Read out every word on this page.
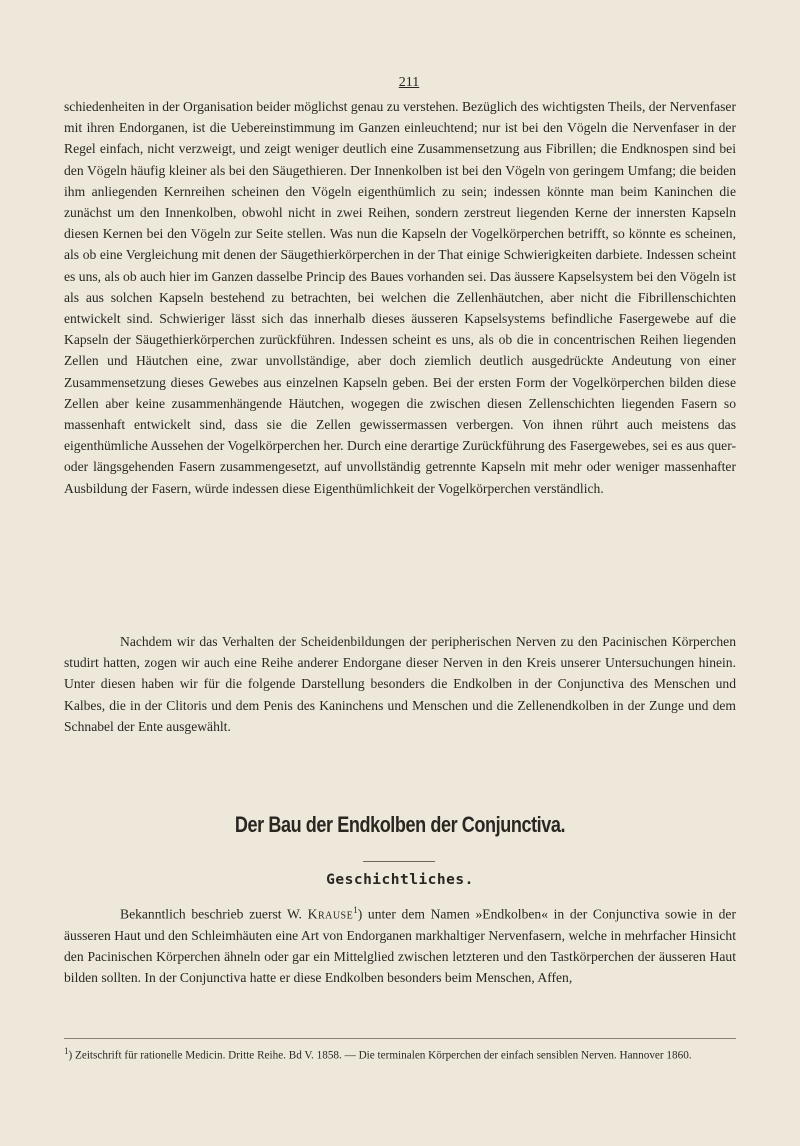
211

schiedenheiten in der Organisation beider möglichst genau zu verstehen. Bezüglich des wichtigsten Theils, der Nervenfaser mit ihren Endorganen, ist die Uebereinstimmung im Ganzen einleuchtend; nur ist bei den Vögeln die Nervenfaser in der Regel einfach, nicht verzweigt, und zeigt weniger deutlich eine Zusammensetzung aus Fibrillen; die Endknospen sind bei den Vögeln häufig kleiner als bei den Säugethieren. Der Innenkolben ist bei den Vögeln von geringem Umfang; die beiden ihm anliegenden Kernreihen scheinen den Vögeln eigenthümlich zu sein; indessen könnte man beim Kaninchen die zunächst um den Innenkolben, obwohl nicht in zwei Reihen, sondern zerstreut liegenden Kerne der innersten Kapseln diesen Kernen bei den Vögeln zur Seite stellen. Was nun die Kapseln der Vogelkörperchen betrifft, so könnte es scheinen, als ob eine Vergleichung mit denen der Säugethierkörperchen in der That einige Schwierigkeiten darbiete. Indessen scheint es uns, als ob auch hier im Ganzen dasselbe Princip des Baues vorhanden sei. Das äussere Kapselsystem bei den Vögeln ist als aus solchen Kapseln bestehend zu betrachten, bei welchen die Zellenhäutchen, aber nicht die Fibrillenschichten entwickelt sind. Schwieriger lässt sich das innerhalb dieses äusseren Kapselsystems befindliche Fasergewebe auf die Kapseln der Säugethierkörperchen zurückführen. Indessen scheint es uns, als ob die in concentrischen Reihen liegenden Zellen und Häutchen eine, zwar unvollständige, aber doch ziemlich deutlich ausgedrückte Andeutung von einer Zusammensetzung dieses Gewebes aus einzelnen Kapseln geben. Bei der ersten Form der Vogelkörperchen bilden diese Zellen aber keine zusammenhängende Häutchen, wogegen die zwischen diesen Zellenschichten liegenden Fasern so massenhaft entwickelt sind, dass sie die Zellen gewissermassen verbergen. Von ihnen rührt auch meistens das eigenthümliche Aussehen der Vogelkörperchen her. Durch eine derartige Zurückführung des Fasergewebes, sei es aus quer- oder längsgehenden Fasern zusammengesetzt, auf unvollständig getrennte Kapseln mit mehr oder weniger massenhafter Ausbildung der Fasern, würde indessen diese Eigenthümlichkeit der Vogelkörperchen verständlich.

Nachdem wir das Verhalten der Scheidenbildungen der peripherischen Nerven zu den Pacinischen Körperchen studirt hatten, zogen wir auch eine Reihe anderer Endorgane dieser Nerven in den Kreis unserer Untersuchungen hinein. Unter diesen haben wir für die folgende Darstellung besonders die Endkolben in der Conjunctiva des Menschen und Kalbes, die in der Clitoris und dem Penis des Kaninchens und Menschen und die Zellenendkolben in der Zunge und dem Schnabel der Ente ausgewählt.

Der Bau der Endkolben der Conjunctiva.
Geschichtliches.

Bekanntlich beschrieb zuerst W. Krause$^1$) unter dem Namen »Endkolben« in der Conjunctiva sowie in der äusseren Haut und den Schleimhäuten eine Art von Endorganen markhaltiger Nervenfasern, welche in mehrfacher Hinsicht den Pacinischen Körperchen ähneln oder gar ein Mittelglied zwischen letzteren und den Tastkörperchen der äusseren Haut bilden sollten. In der Conjunctiva hatte er diese Endkolben besonders beim Menschen, Affen,

$^1$) Zeitschrift für rationelle Medicin. Dritte Reihe. Bd V. 1858. — Die terminalen Körperchen der einfach sensiblen Nerven. Hannover 1860.
